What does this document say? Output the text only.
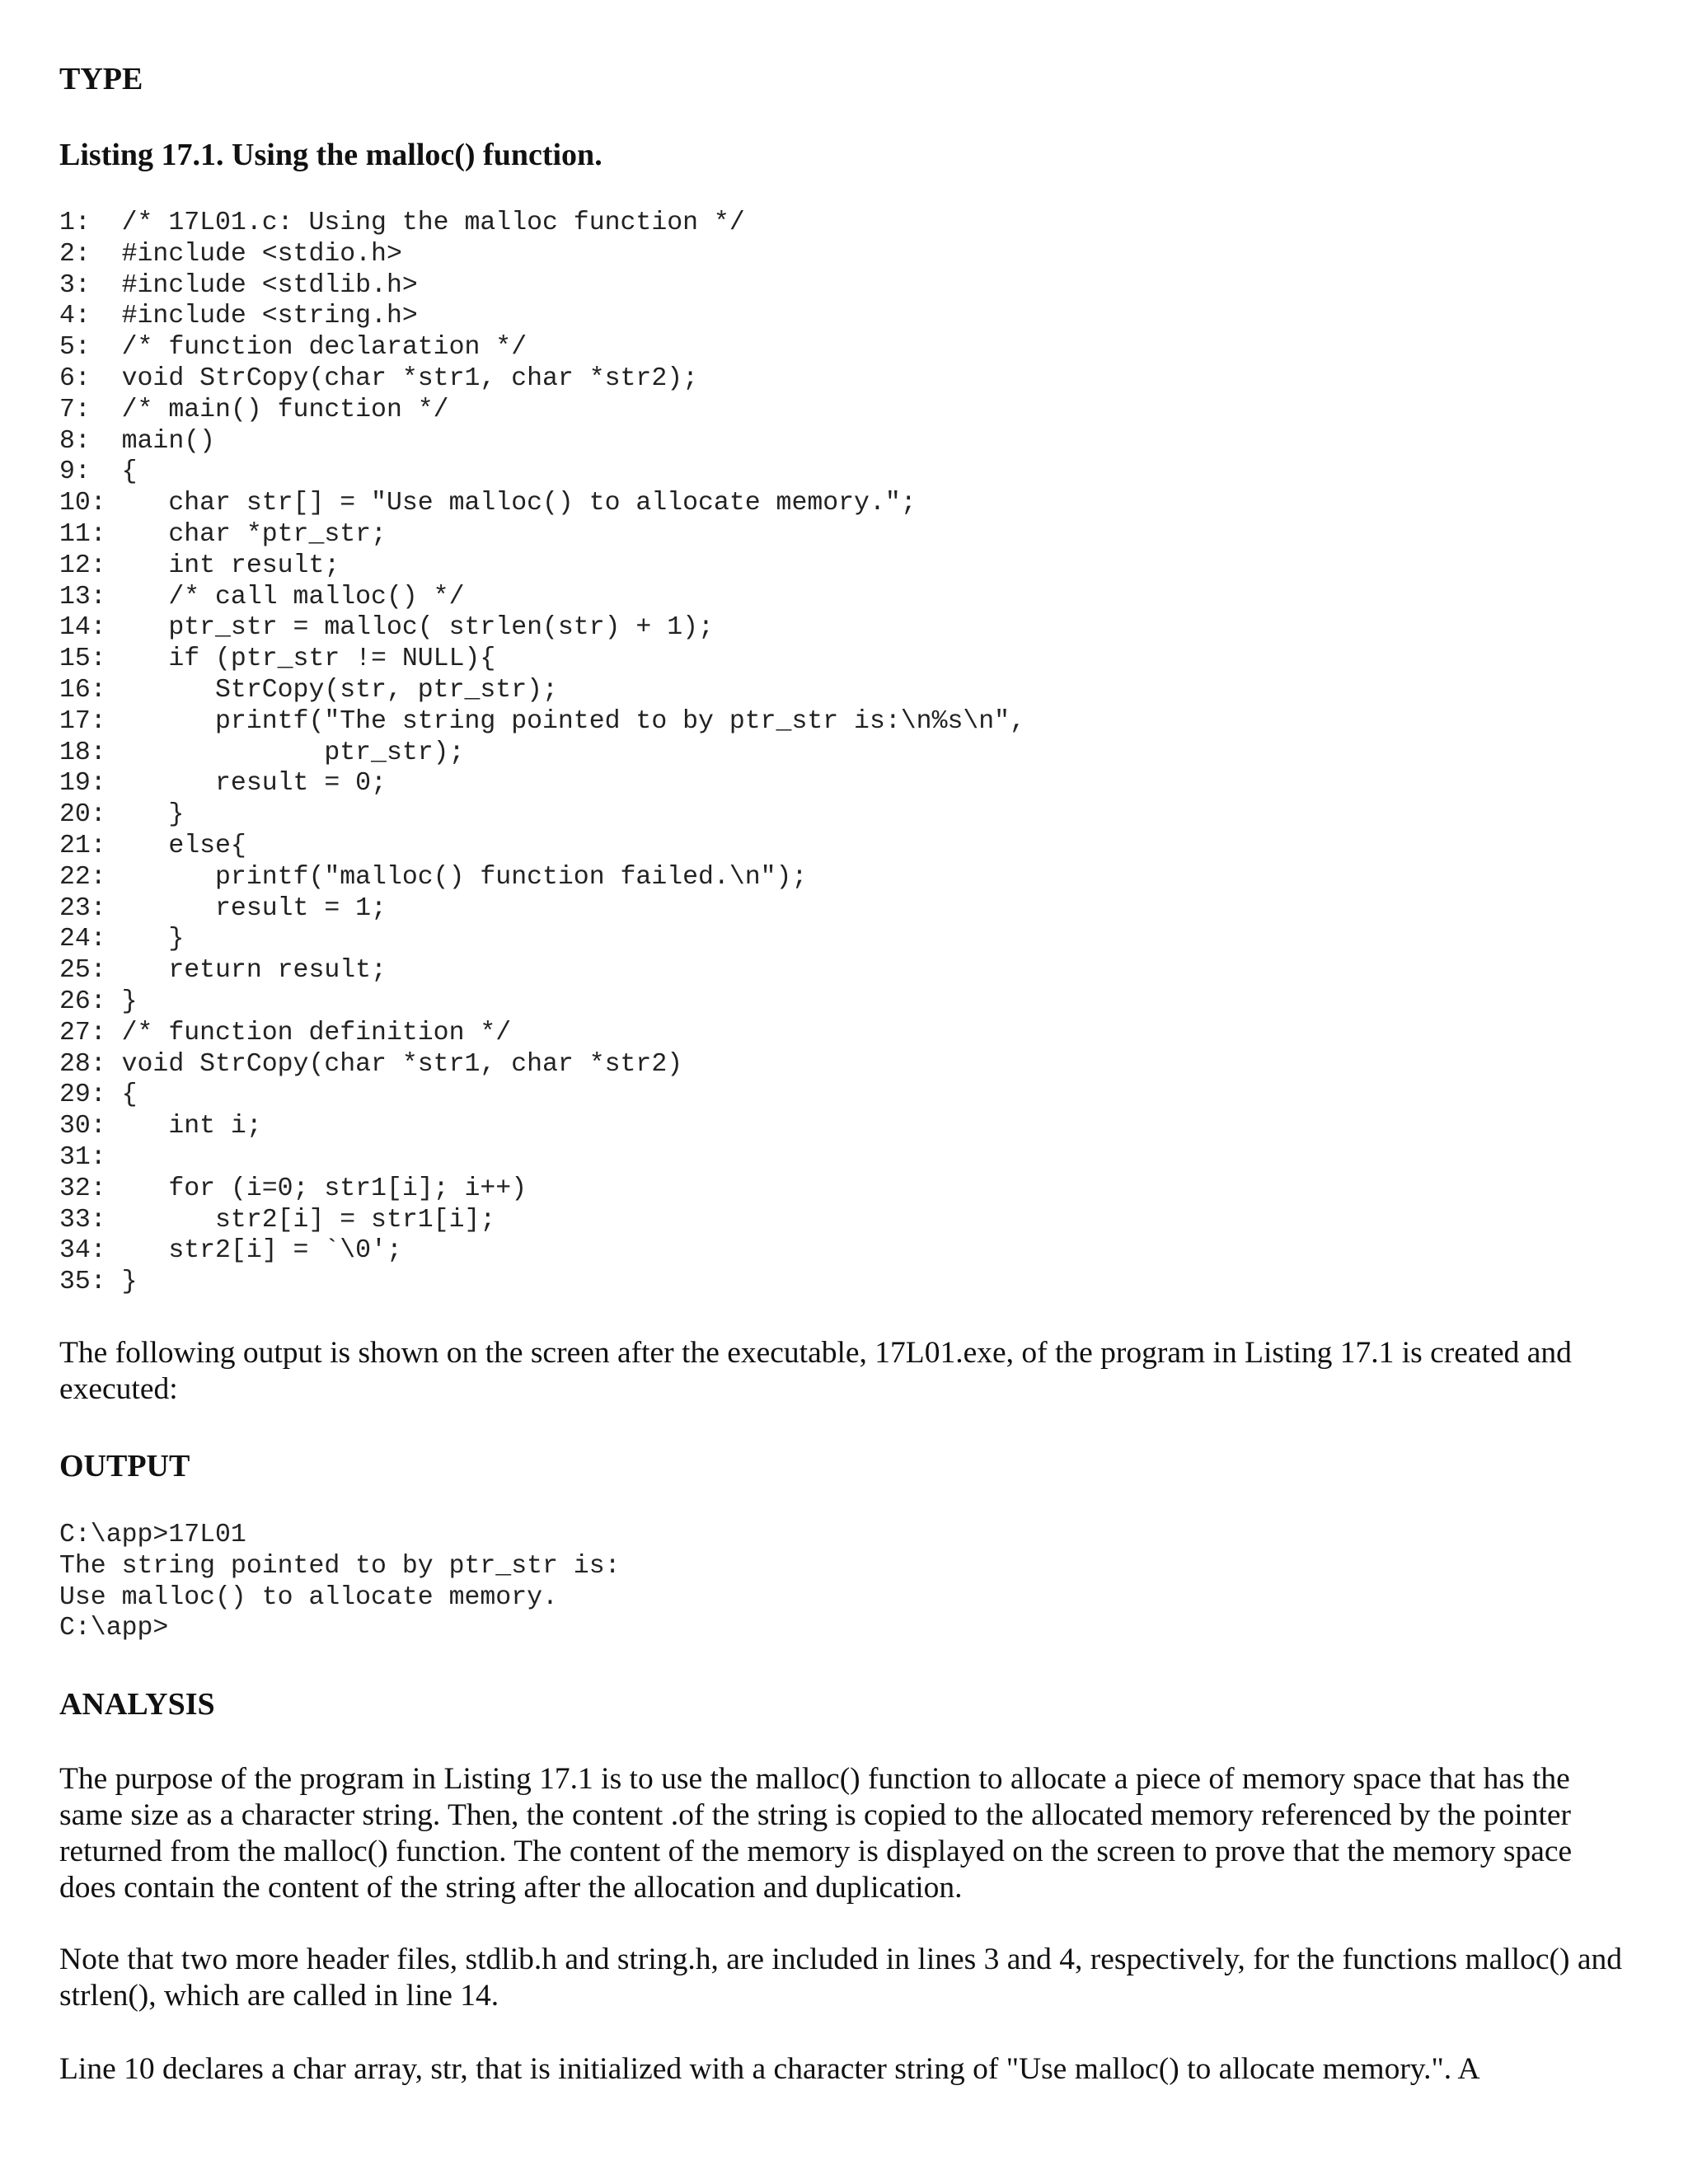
TYPE
Listing 17.1. Using the malloc() function.
1:  /* 17L01.c: Using the malloc function */
2:  #include <stdio.h>
3:  #include <stdlib.h>
4:  #include <string.h>
5:  /* function declaration */
6:  void StrCopy(char *str1, char *str2);
7:  /* main() function */
8:  main()
9:  {
10:    char str[] = "Use malloc() to allocate memory.";
11:    char *ptr_str;
12:    int result;
13:    /* call malloc() */
14:    ptr_str = malloc( strlen(str) + 1);
15:    if (ptr_str != NULL){
16:       StrCopy(str, ptr_str);
17:       printf("The string pointed to by ptr_str is:\n%s\n",
18:              ptr_str);
19:       result = 0;
20:    }
21:    else{
22:       printf("malloc() function failed.\n");
23:       result = 1;
24:    }
25:    return result;
26: }
27: /* function definition */
28: void StrCopy(char *str1, char *str2)
29: {
30:    int i;
31:
32:    for (i=0; str1[i]; i++)
33:       str2[i] = str1[i];
34:    str2[i] = `\0';
35: }

The following output is shown on the screen after the executable, 17L01.exe, of the program in Listing 17.1 is created and executed:

OUTPUT
C:\app>17L01
The string pointed to by ptr_str is:
Use malloc() to allocate memory.
C:\app>
ANALYSIS

The purpose of the program in Listing 17.1 is to use the malloc() function to allocate a piece of memory space that has the same size as a character string. Then, the content .of the string is copied to the allocated memory referenced by the pointer returned from the malloc() function. The content of the memory is displayed on the screen to prove that the memory space does contain the content of the string after the allocation and duplication.

Note that two more header files, stdlib.h and string.h, are included in lines 3 and 4, respectively, for the functions malloc() and strlen(), which are called in line 14.

Line 10 declares a char array, str, that is initialized with a character string of "Use malloc() to allocate memory.". A
